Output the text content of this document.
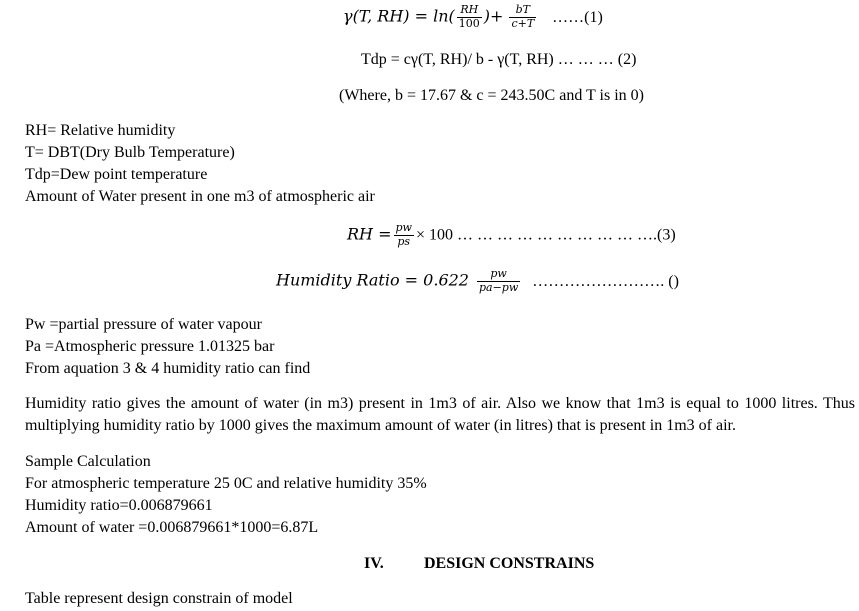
γ(T, $RH) = \ln( \frac{RH}{100}$ )+ $\frac{bT}{c+T}$ ……(1)
Tdp = cγ(T, RH)/ b - γ(T, RH) … … … (2)
(Where, b = 17.67 & c = 243.50C and T is in 0)
RH= Relative humidity
T= DBT(Dry Bulb Temperature)
Tdp=Dew point temperature
Amount of Water present in one m3 of atmospheric air
RH = $\frac{pw}{ps} \times 100$ … … … … … … … … … ….(3)
Humidity Ratio = $0.622 \frac{pw}{pa-pw}$ ……………………. ()
Pw =partial pressure of water vapour
Pa =Atmospheric pressure 1.01325 bar
From aquation 3 & 4 humidity ratio can find
Humidity ratio gives the amount of water (in m3) present in 1m3 of air. Also we know that 1m3 is equal to 1000 litres. Thus multiplying humidity ratio by 1000 gives the maximum amount of water (in litres) that is present in 1m3 of air.
Sample Calculation
For atmospheric temperature 25 0C and relative humidity 35%
Humidity ratio=0.006879661
Amount of water =0.006879661*1000=6.87L
IV.	DESIGN CONSTRAINS
Table represent design constrain of model
